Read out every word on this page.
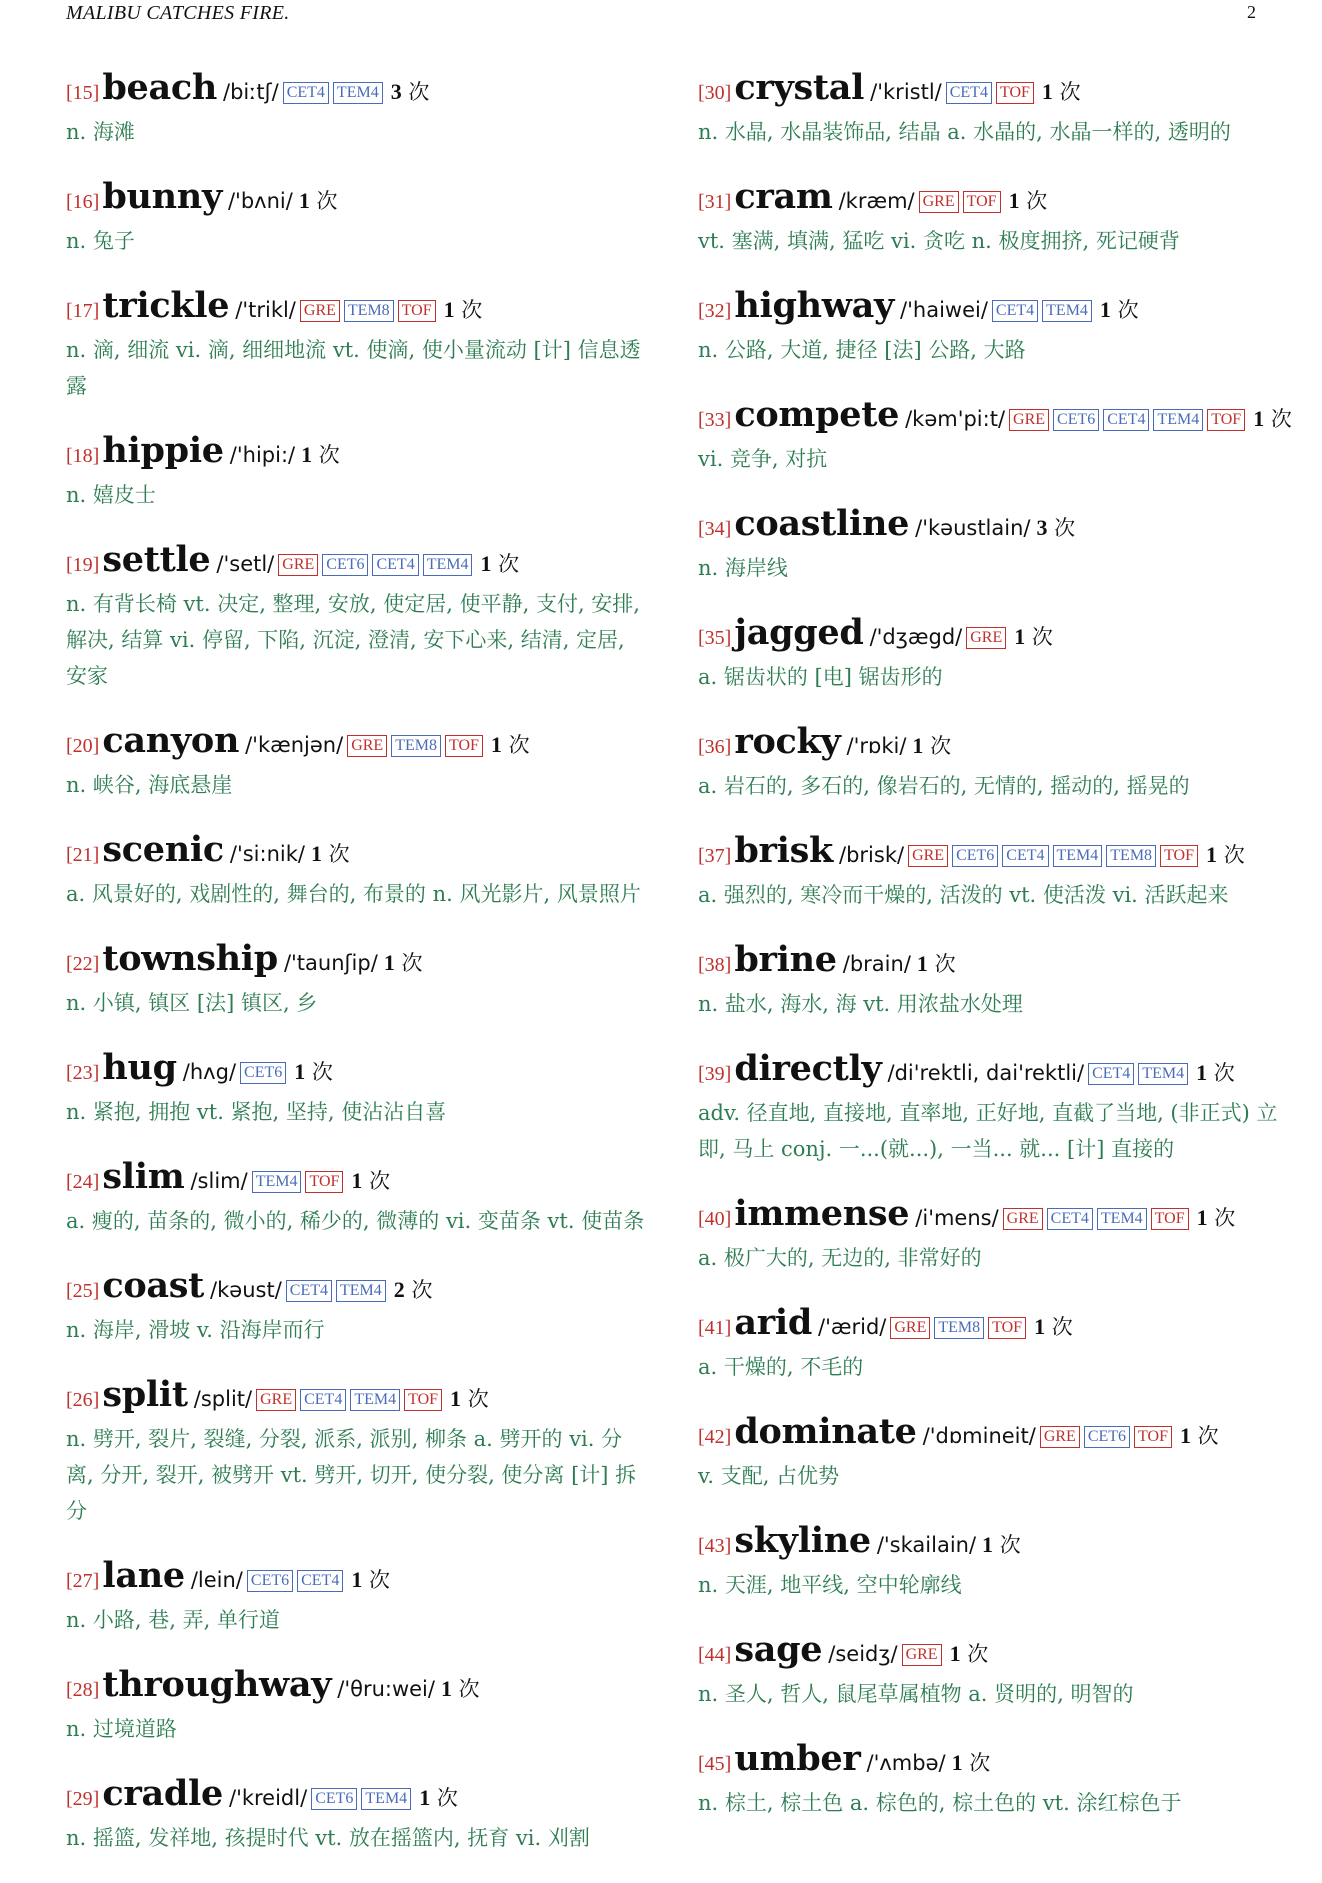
MALIBU CATCHES FIRE.	2
[15]beach /biːtʃ/ CET4 TEM4 3 次
n. 海滩
[16]bunny /'bʌni/ 1 次
n. 兔子
[17]trickle /'trikl/ GRE TEM8 TOF 1 次
n. 滴, 细流 vi. 滴, 细细地流 vt. 使滴, 使小量流动 [计] 信息透露
[18]hippie /'hipi:/ 1 次
n. 嬉皮士
[19]settle /'setl/ GRE CET6 CET4 TEM4 1 次
n. 有背长椅 vt. 决定, 整理, 安放, 使定居, 使平静, 支付, 安排, 解决, 结算 vi. 停留, 下陷, 沉淀, 澄清, 安下心来, 结清, 定居, 安家
[20]canyon /'kænjən/ GRE TEM8 TOF 1 次
n. 峡谷, 海底悬崖
[21]scenic /'si:nik/ 1 次
a. 风景好的, 戏剧性的, 舞台的, 布景的 n. 风光影片, 风景照片
[22]township /'taunʃip/ 1 次
n. 小镇, 镇区 [法] 镇区, 乡
[23]hug /hʌg/ CET6 1 次
n. 紧抱, 拥抱 vt. 紧抱, 坚持, 使沾沾自喜
[24]slim /slim/ TEM4 TOF 1 次
a. 瘦的, 苗条的, 微小的, 稀少的, 微薄的 vi. 变苗条 vt. 使苗条
[25]coast /kəust/ CET4 TEM4 2 次
n. 海岸, 滑坡 v. 沿海岸而行
[26]split /split/ GRE CET4 TEM4 TOF 1 次
n. 劈开, 裂片, 裂缝, 分裂, 派系, 派别, 柳条 a. 劈开的 vi. 分离, 分开, 裂开, 被劈开 vt. 劈开, 切开, 使分裂, 使分离 [计] 拆分
[27]lane /lein/ CET6 CET4 1 次
n. 小路, 巷, 弄, 单行道
[28]throughway /'θru:wei/ 1 次
n. 过境道路
[29]cradle /'kreidl/ CET6 TEM4 1 次
n. 摇篮, 发祥地, 孩提时代 vt. 放在摇篮内, 抚育 vi. 刈割
[30]crystal /'kristl/ CET4 TOF 1 次
n. 水晶, 水晶装饰品, 结晶 a. 水晶的, 水晶一样的, 透明的
[31]cram /kræm/ GRE TOF 1 次
vt. 塞满, 填满, 猛吃 vi. 贪吃 n. 极度拥挤, 死记硬背
[32]highway /'haiwei/ CET4 TEM4 1 次
n. 公路, 大道, 捷径 [法] 公路, 大路
[33]compete /kəm'pi:t/ GRE CET6 CET4 TEM4 TOF 1 次
vi. 竞争, 对抗
[34]coastline /'kəustlain/ 3 次
n. 海岸线
[35]jagged /'dʒægd/ GRE 1 次
a. 锯齿状的 [电] 锯齿形的
[36]rocky /'rɒki/ 1 次
a. 岩石的, 多石的, 像岩石的, 无情的, 摇动的, 摇晃的
[37]brisk /brisk/ GRE CET6 CET4 TEM4 TEM8 TOF 1 次
a. 强烈的, 寒冷而干燥的, 活泼的 vt. 使活泼 vi. 活跃起来
[38]brine /brain/ 1 次
n. 盐水, 海水, 海 vt. 用浓盐水处理
[39]directly /di'rektli, dai'rektli/ CET4 TEM4 1 次
adv. 径直地, 直接地, 直率地, 正好地, 直截了当地, (非正式) 立即, 马上 conj. 一...(就...), 一当... 就... [计] 直接的
[40]immense /i'mens/ GRE CET4 TEM4 TOF 1 次
a. 极广大的, 无边的, 非常好的
[41]arid /'ærid/ GRE TEM8 TOF 1 次
a. 干燥的, 不毛的
[42]dominate /'dɒmineit/ GRE CET6 TOF 1 次
v. 支配, 占优势
[43]skyline /'skailain/ 1 次
n. 天涯, 地平线, 空中轮廓线
[44]sage /seidʒ/ GRE 1 次
n. 圣人, 哲人, 鼠尾草属植物 a. 贤明的, 明智的
[45]umber /'ʌmbə/ 1 次
n. 棕土, 棕土色 a. 棕色的, 棕土色的 vt. 涂红棕色于
